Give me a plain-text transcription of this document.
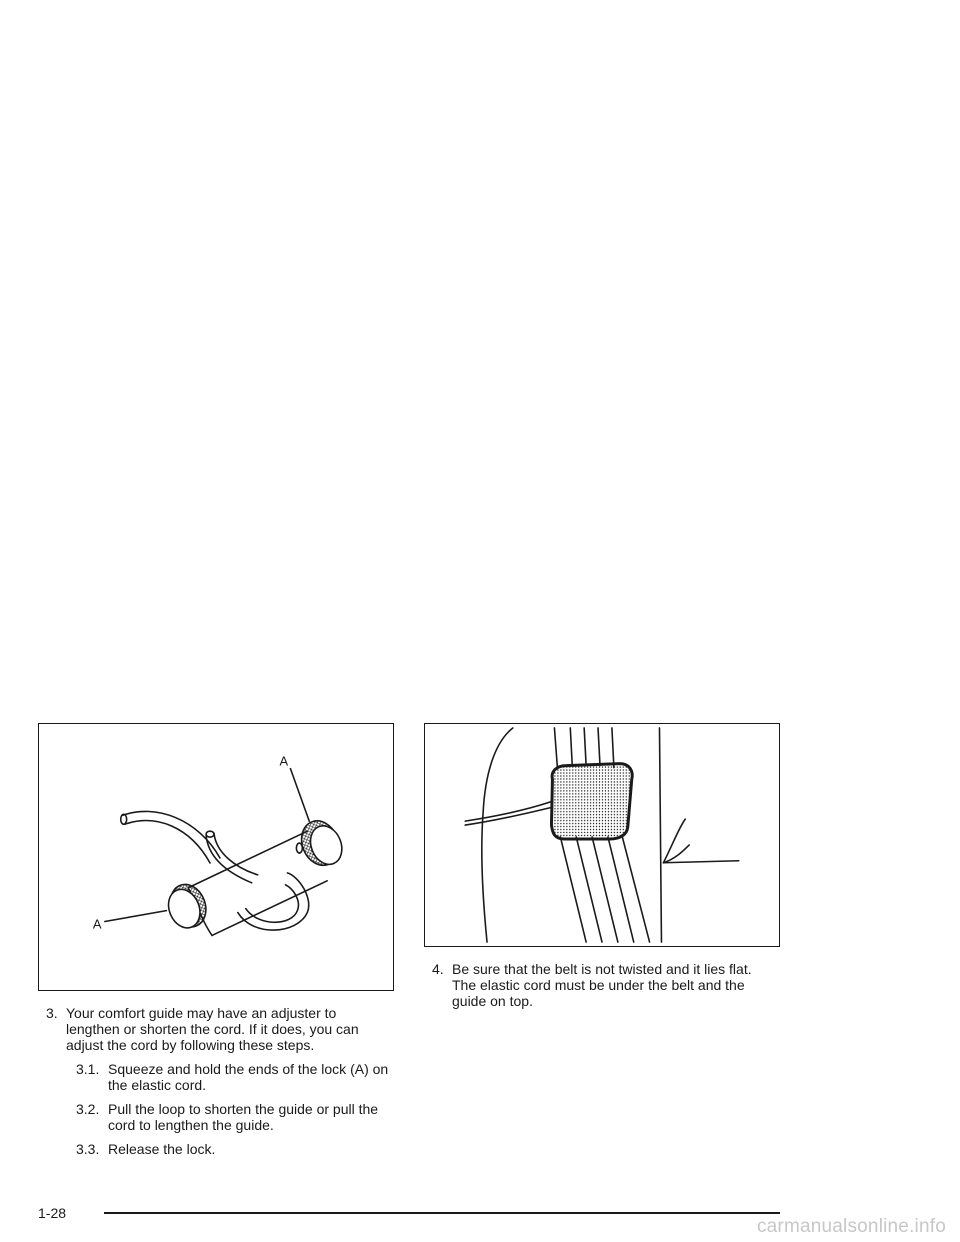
A
A
3. Your comfort guide may have an adjuster to lengthen or shorten the cord. If it does, you can adjust the cord by following these steps.
3.1. Squeeze and hold the ends of the lock (A) on the elastic cord.
3.2. Pull the loop to shorten the guide or pull the cord to lengthen the guide.
3.3. Release the lock.
4. Be sure that the belt is not twisted and it lies flat. The elastic cord must be under the belt and the guide on top.
1-28
carmanualsonline.info
